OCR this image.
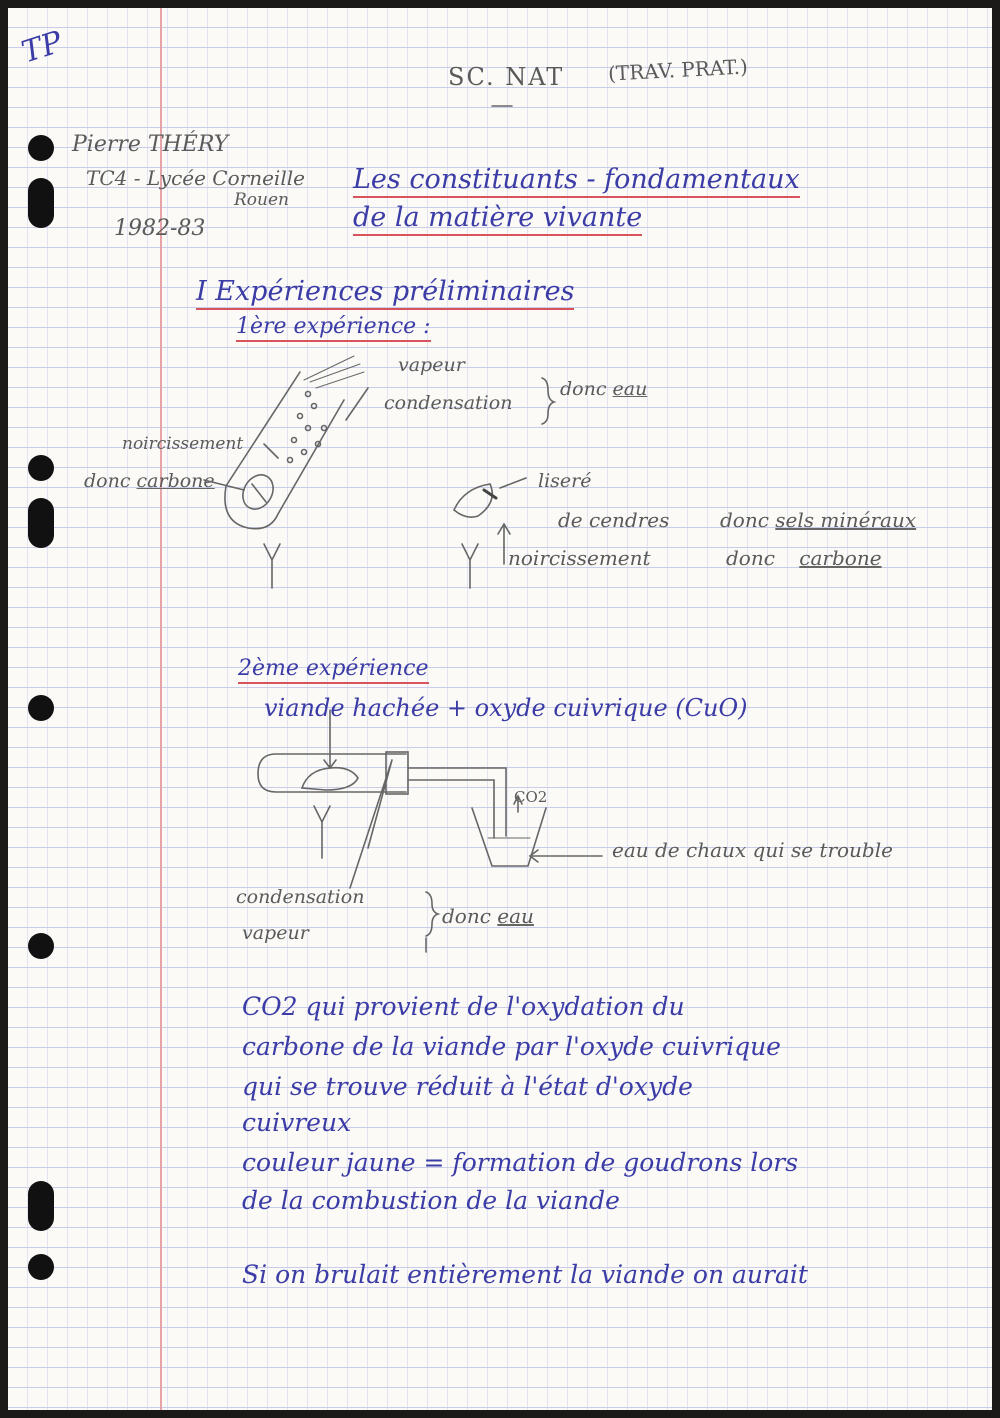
TP
SC. NAT (TRAV. PRAT.)
Pierre THÉRY
TC4 - Lycée Corneille
Rouen
1982-83
Les constituants - fondamentaux
de la matière vivante
I Expériences préliminaires
1ère expérience :
vapeur
condensation
donc eau
noircissement
donc carbone	liseré
de cendres	donc sels minéraux
noircissement	donc carbone
2ème expérience
viande hachée + oxyde cuivrique (CuO)
CO2
eau de chaux qui se trouble
condensation
vapeur
donc eau
CO2 qui provient de l'oxydation du
carbone de la viande par l'oxyde cuivrique
qui se trouve réduit à l'état d'oxyde
cuivreux
couleur jaune = formation de goudrons lors
de la combustion de la viande
Si on brulait entièrement la viande on aurait
